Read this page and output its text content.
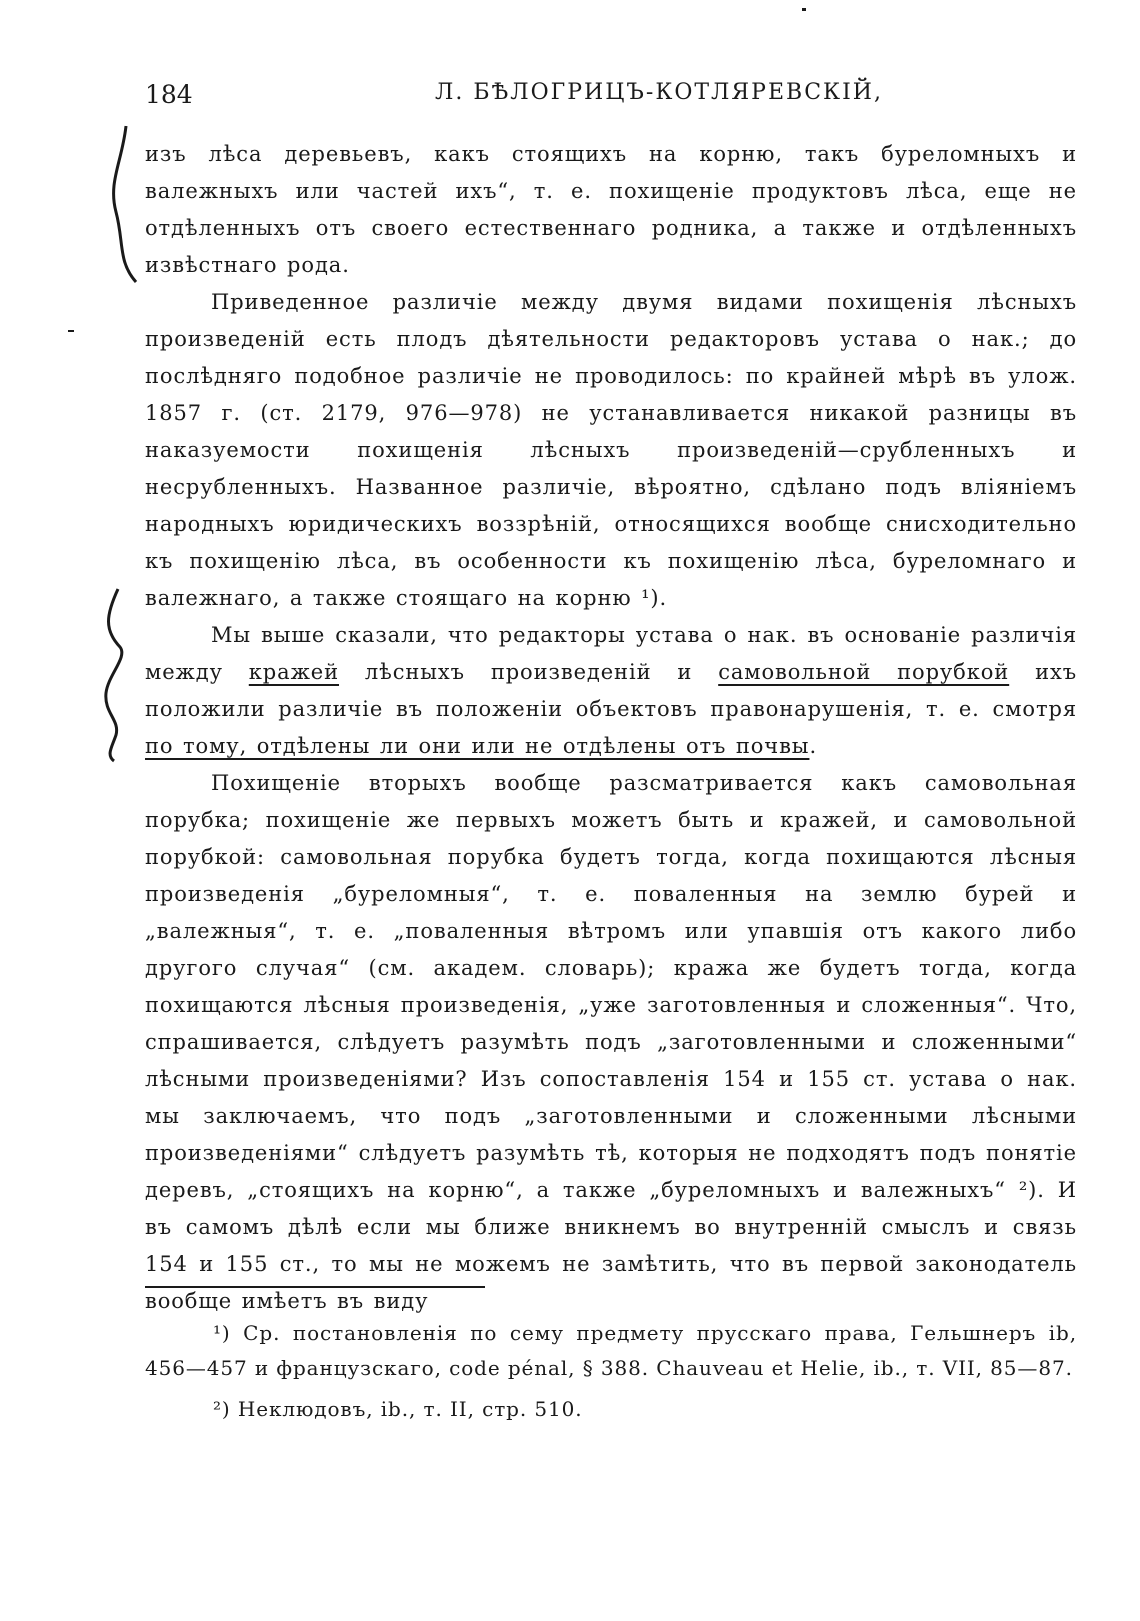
184	Л. БѢЛОГРИЦЪ-КОТЛЯРЕВСКІЙ,

изъ лѣса деревьевъ, какъ стоящихъ на корню, такъ буреломныхъ и валежныхъ или частей ихъ“, т. е. похищеніе продуктовъ лѣса, еще не отдѣленныхъ отъ своего естественнаго родника, а также и отдѣленныхъ извѣстнаго рода.

Приведенное различіе между двумя видами похищенія лѣсныхъ произведеній есть плодъ дѣятельности редакторовъ устава о нак.; до послѣдняго подобное различіе не проводилось: по крайней мѣрѣ въ улож. 1857 г. (ст. 2179, 976—978) не устанавливается никакой разницы въ наказуемости похищенія лѣсныхъ произведеній—срубленныхъ и несрубленныхъ. Названное различіе, вѣроятно, сдѣлано подъ вліяніемъ народныхъ юридическихъ воззрѣній, относящихся вообще снисходительно къ похищенію лѣса, въ особенности къ похищенію лѣса, буреломнаго и валежнаго, а также стоящаго на корню ¹).

Мы выше сказали, что редакторы устава о нак. въ основаніе различія между кражей лѣсныхъ произведеній и самовольной порубкой ихъ положили различіе въ положеніи объектовъ правонарушенія, т. е. смотря по тому, отдѣлены ли они или не отдѣлены отъ почвы.

Похищеніе вторыхъ вообще разсматривается какъ самовольная порубка; похищеніе же первыхъ можетъ быть и кражей, и самовольной порубкой: самовольная порубка будетъ тогда, когда похищаются лѣсныя произведенія „буреломныя“, т. е. поваленныя на землю бурей и „валежныя“, т. е. „поваленныя вѣтромъ или упавшія отъ какого либо другого случая“ (см. академ. словарь); кража же будетъ тогда, когда похищаются лѣсныя произведенія, „уже заготовленныя и сложенныя“. Что, спрашивается, слѣдуетъ разумѣть подъ „заготовленными и сложенными“ лѣсными произведеніями? Изъ сопоставленія 154 и 155 ст. устава о нак. мы заключаемъ, что подъ „заготовленными и сложенными лѣсными произведеніями“ слѣдуетъ разумѣть тѣ, которыя не подходятъ подъ понятіе деревъ, „стоящихъ на корню“, а также „буреломныхъ и валежныхъ“ ²). И въ самомъ дѣлѣ если мы ближе вникнемъ во внутренній смыслъ и связь 154 и 155 ст., то мы не можемъ не замѣтить, что въ первой законодатель вообще имѣетъ въ виду

¹) Ср. постановленія по сему предмету прусскаго права, Гельшнеръ ib, 456—457 и французскаго, code pénal, § 388. Chauveau et Helie, ib., т. VII, 85—87.

²) Неклюдовъ, ib., т. II, стр. 510.
